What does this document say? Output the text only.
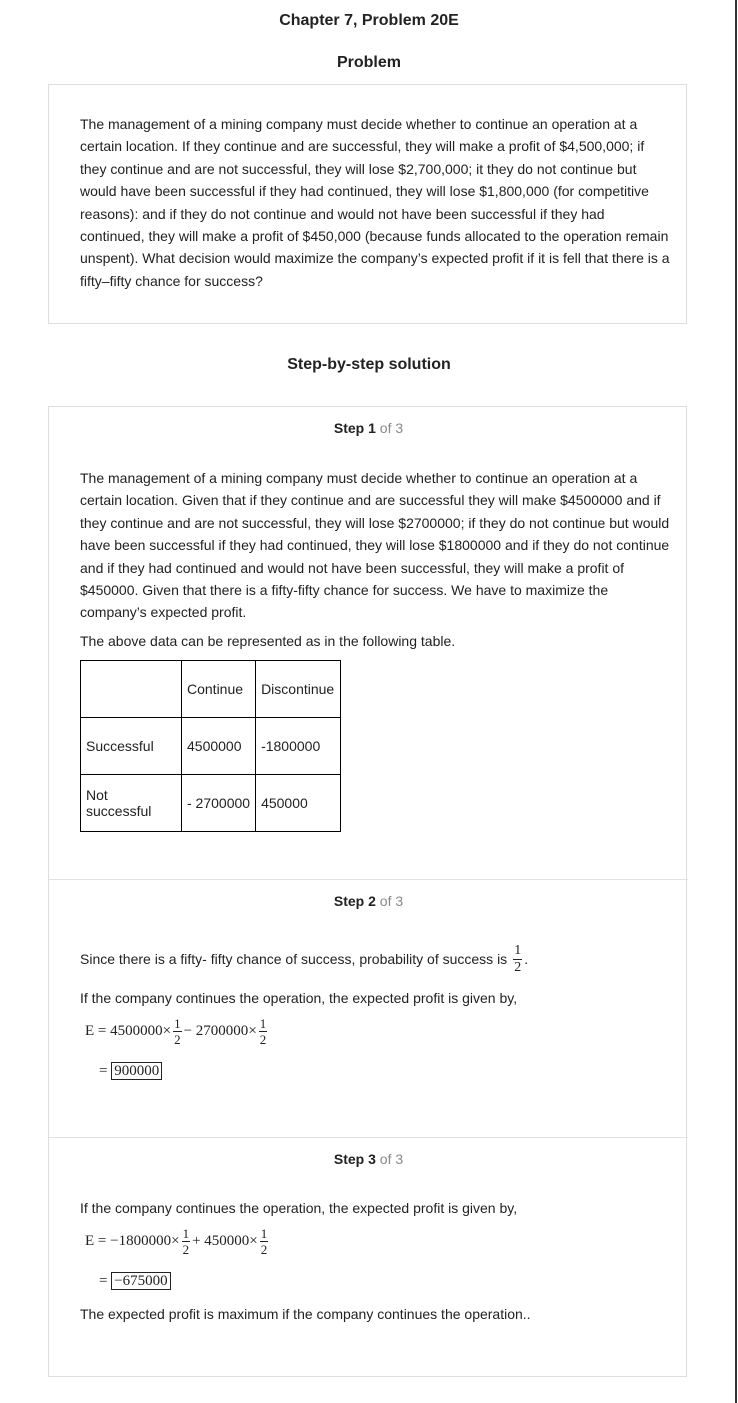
Chapter 7, Problem 20E
Problem
The management of a mining company must decide whether to continue an operation at a certain location. If they continue and are successful, they will make a profit of $4,500,000; if they continue and are not successful, they will lose $2,700,000; it they do not continue but would have been successful if they had continued, they will lose $1,800,000 (for competitive reasons): and if they do not continue and would not have been successful if they had continued, they will make a profit of $450,000 (because funds allocated to the operation remain unspent). What decision would maximize the company’s expected profit if it is fell that there is a fifty–fifty chance for success?
Step-by-step solution
Step 1 of 3
The management of a mining company must decide whether to continue an operation at a certain location. Given that if they continue and are successful they will make $4500000 and if they continue and are not successful, they will lose $2700000; if they do not continue but would have been successful if they had continued, they will lose $1800000 and if they do not continue and if they had continued and would not have been successful, they will make a profit of $450000. Given that there is a fifty-fifty chance for success. We have to maximize the company’s expected profit.
The above data can be represented as in the following table.
	Continue	Discontinue
Successful	4500000	-1800000
Not successful	- 2700000	450000
Step 2 of 3
Since there is a fifty- fifty chance of success, probability of success is $\frac{1}{2}$ .
If the company continues the operation, the expected profit is given by,
E =
$4500000 \times \frac{1}{2} - 2700000 \times \frac{1}{2}$
= 900000
Step 3 of 3
If the company continues the operation, the expected profit is given by,
E =
$-1800000 \times \frac{1}{2} + 450000 \times \frac{1}{2}$
= −675000
The expected profit is maximum if the company continues the operation..
